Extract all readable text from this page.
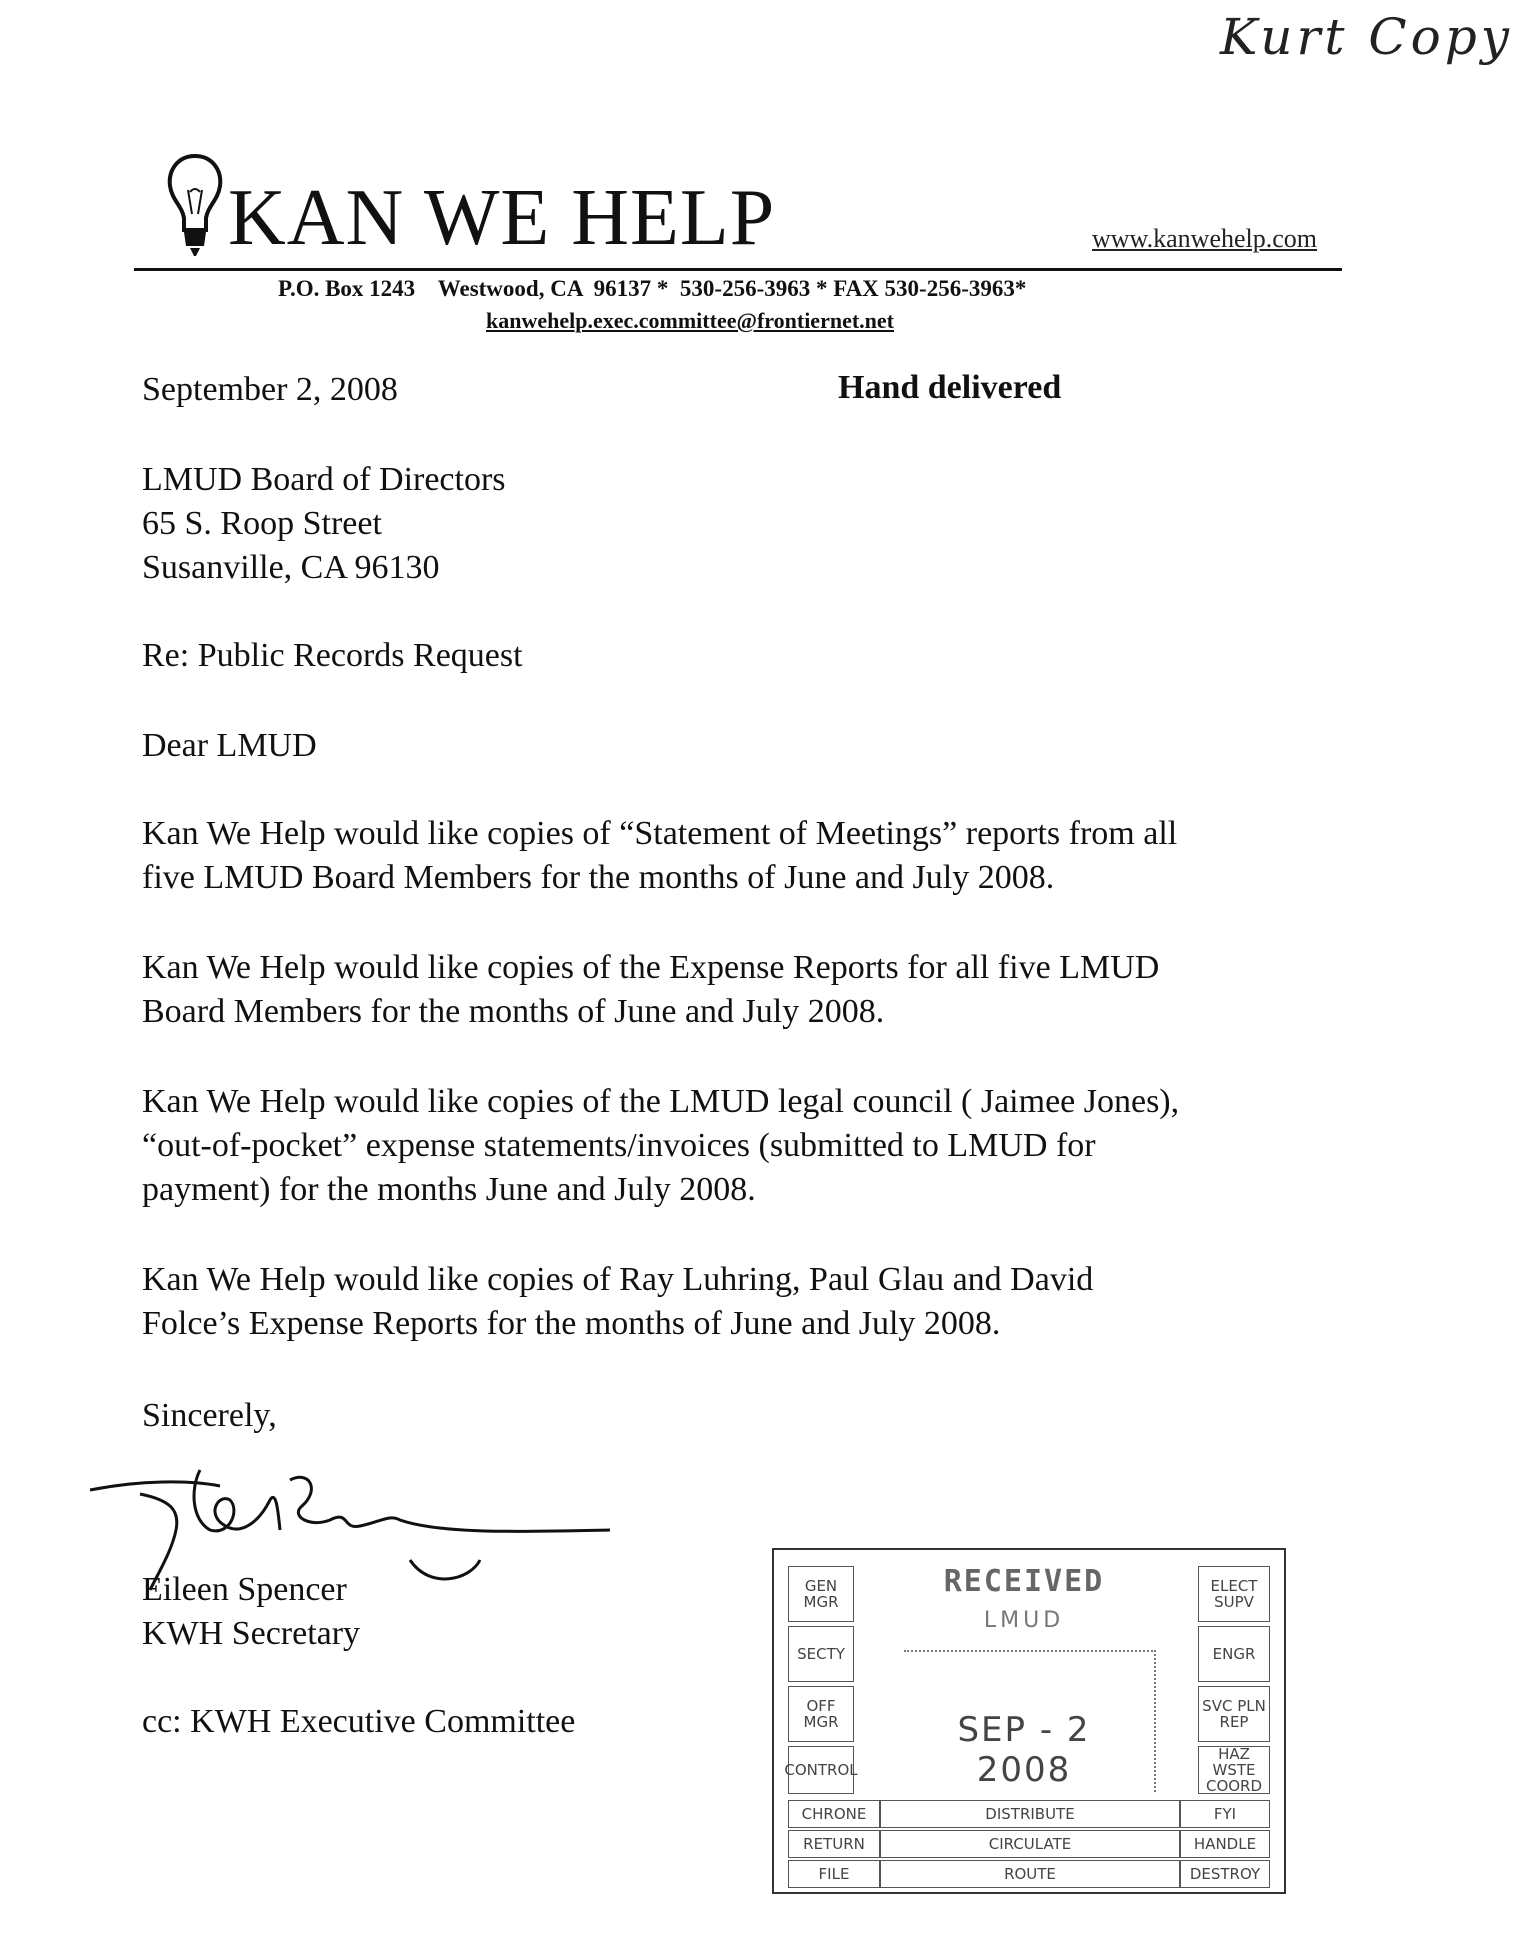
Kurt Copy
KAN WE HELP	www.kanwehelp.com
P.O. Box 1243    Westwood, CA  96137 *  530-256-3963 * FAX 530-256-3963*
kanwehelp.exec.committee@frontiernet.net
September 2, 2008	Hand delivered
LMUD Board of Directors
65 S. Roop Street
Susanville, CA 96130
Re: Public Records Request
Dear LMUD
Kan We Help would like copies of “Statement of Meetings” reports from all
five LMUD Board Members for the months of June and July 2008.
Kan We Help would like copies of the Expense Reports for all five LMUD
Board Members for the months of June and July 2008.
Kan We Help would like copies of the LMUD legal council ( Jaimee Jones),
“out-of-pocket” expense statements/invoices (submitted to LMUD for
payment) for the months June and July 2008.
Kan We Help would like copies of Ray Luhring, Paul Glau and David
Folce’s Expense Reports for the months of June and July 2008.
Sincerely,
Eileen Spencer
KWH Secretary
cc: KWH Executive Committee
GEN MGR
SECTY
OFF MGR
CONTROL
ELECT SUPV
ENGR
SVC PLN REP
HAZ WSTE COORD
RECEIVED
LMUD
SEP - 2 2008
CHRONE
RETURN
FILE
DISTRIBUTE
CIRCULATE
ROUTE
FYI
HANDLE
DESTROY
